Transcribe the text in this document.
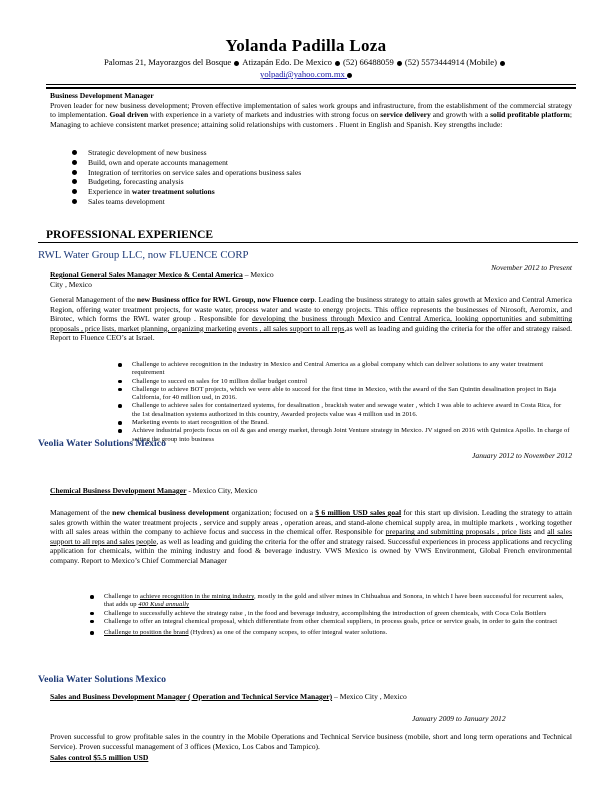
Yolanda Padilla Loza
Palomas 21, Mayorazgos del Bosque Atizapán Edo. De Mexico (52) 66488059 (52) 5573444914 (Mobile)
yolpadi@yahoo.com.mx
Business Development Manager
Proven leader for new business development; Proven effective implementation of sales work groups and infrastructure, from the establishment of the commercial strategy to implementation. Goal driven with experience in a variety of markets and industries with strong focus on service delivery and growth with a solid profitable platform; Managing to achieve consistent market presence; attaining solid relationships with customers . Fluent in English and Spanish. Key strengths include:
Strategic development of new business
Build, own and operate accounts management
Integration of territories on service sales and operations business sales
Budgeting, forecasting analysis
Experience in water treatment solutions
Sales teams development
PROFESSIONAL EXPERIENCE
RWL Water Group LLC, now FLUENCE CORP
November 2012 to Present
Regional General Sales Manager Mexico & Cental America – Mexico
City , Mexico
General Management of the new Business office for RWL Group, now Fluence corp. Leading the business strategy to attain sales growth at Mexico and Central America Region, offering water treatment projects, for waste water, process water and waste to energy projects. This office represents the businesses of Nirosoft, Aeromix, and Birotec, which forms the RWL water group . Responsible for developing the business through Mexico and Central America, looking opportunities and submitting proposals , price lists, market planning, organizing marketing events , all sales support to all reps,as well as leading and guiding the criteria for the offer and strategy raised. Report to Fluence CEO’s at Israel.
Challenge to achieve recognition in the industry in Mexico and Central America as a global company which can deliver solutions to any water treatment requirement
Challenge to succed on sales for 10 million dollar budget control
Challenge to achieve BOT projects, which we were able to succed for the first time in Mexico, with the award of the San Quintin desalination project in Baja California, for 40 million usd, in 2016.
Challenge to achieve sales for containerized systems, for desalination , brackish water and sewage water , which I was able to achieve award in Costa Rica, for the 1st desalination systems authorized in this country, Awarded projects value was 4 million usd in 2016.
Marketing events to start recognition of the Brand.
Achieve industrial projects focus on oil & gas and energy market, through Joint Venture strategy in Mexico. JV signed on 2016 with Quimica Apollo. In charge of setting the group into business
Veolia Water Solutions Mexico
January 2012 to November 2012
Chemical Business Development Manager - Mexico City, Mexico
Management of the new chemical business development organization; focused on a $ 6 million USD sales goal for this start up division. Leading the strategy to attain sales growth within the water treatment projects , service and supply areas , operation areas, and stand-alone chemical supply area, in multiple markets , working together with all sales areas within the company to achieve focus and success in the chemical offer. Responsible for preparing and submitting proposals , price lists and all sales support to all reps and sales people, as well as leading and guiding the criteria for the offer and strategy raised. Successful experiences in process applications and recycling application for chemicals, within the mining industry and food & beverage industry. VWS Mexico is owned by VWS Environment, Global French environmental company. Report to Mexico’s Chief Commercial Manager
Challenge to achieve recognition in the mining industry, mostly in the gold and silver mines in Chihuahua and Sonora, in which I have been successful for recurrent sales, that adds up 400 Kusd annually
Challenge to successfully achieve the strategy raise , in the food and beverage industry, accomplishing the introduction of green chemicals, with Coca Cola Bottlers
Challenge to offer an integral chemical proposal, which differentiate from other chemical suppliers, in process goals, price or service goals, in order to gain the contract
Challenge to position the brand (Hydrex) as one of the company scopes, to offer integral water solutions.
Veolia Water Solutions Mexico
Sales and Business Development Manager ( Operation and Technical Service Manager) – Mexico City , Mexico
January 2009 to January 2012
Proven successful to grow profitable sales in the country in the Mobile Operations and Technical Service business (mobile, short and long term operations and Technical Service). Proven successful management of 3 offices (Mexico, Los Cabos and Tampico).
Sales control $5.5 million USD
